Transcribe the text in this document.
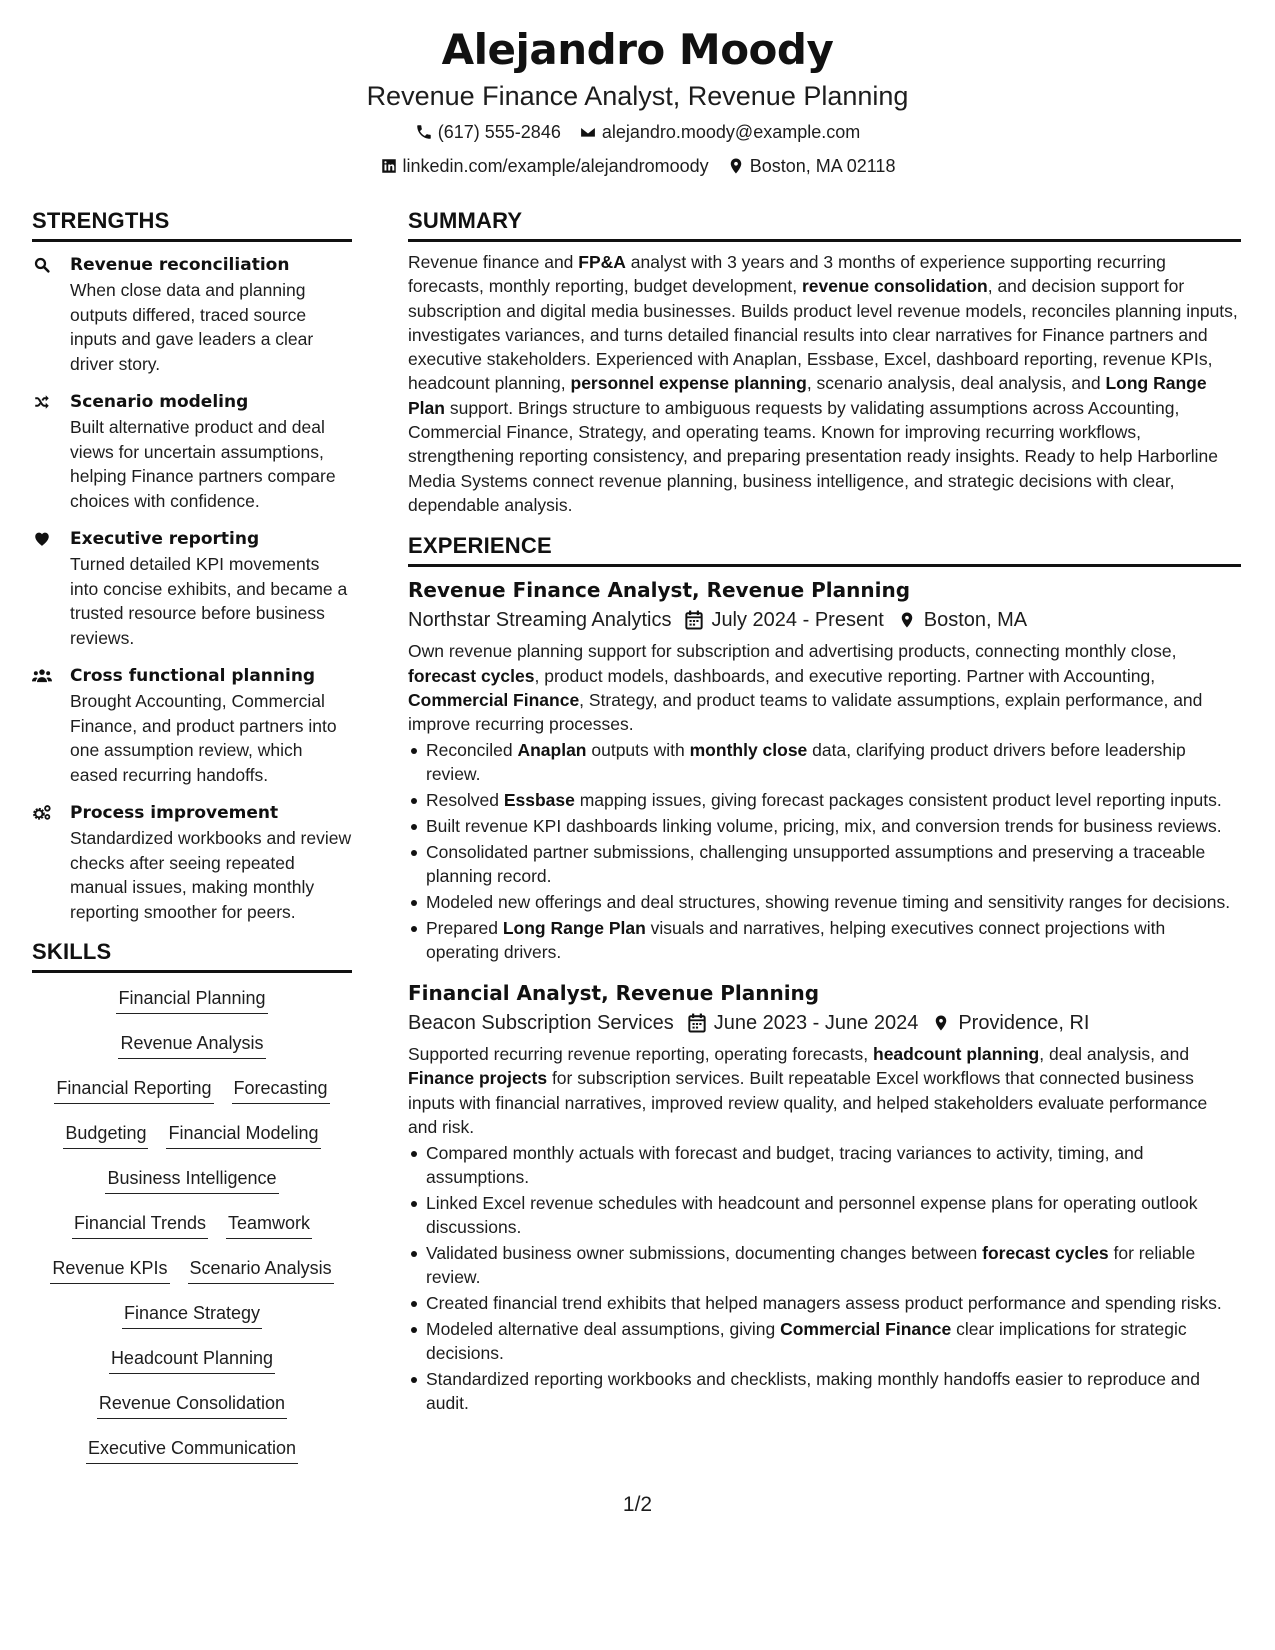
Alejandro Moody
Revenue Finance Analyst, Revenue Planning
(617) 555-2846 alejandro.moody@example.com
linkedin.com/example/alejandromoody Boston, MA 02118
STRENGTHS
Revenue reconciliation
When close data and planning outputs differed, traced source inputs and gave leaders a clear driver story.
Scenario modeling
Built alternative product and deal views for uncertain assumptions, helping Finance partners compare choices with confidence.
Executive reporting
Turned detailed KPI movements into concise exhibits, and became a trusted resource before business reviews.
Cross functional planning
Brought Accounting, Commercial Finance, and product partners into one assumption review, which eased recurring handoffs.
Process improvement
Standardized workbooks and review checks after seeing repeated manual issues, making monthly reporting smoother for peers.
SKILLS
Financial Planning
Revenue Analysis
Financial Reporting Forecasting
Budgeting Financial Modeling
Business Intelligence
Financial Trends Teamwork
Revenue KPIs Scenario Analysis
Finance Strategy
Headcount Planning
Revenue Consolidation
Executive Communication
SUMMARY
Revenue finance and FP&A analyst with 3 years and 3 months of experience supporting recurring forecasts, monthly reporting, budget development, revenue consolidation, and decision support for subscription and digital media businesses. Builds product level revenue models, reconciles planning inputs, investigates variances, and turns detailed financial results into clear narratives for Finance partners and executive stakeholders. Experienced with Anaplan, Essbase, Excel, dashboard reporting, revenue KPIs, headcount planning, personnel expense planning, scenario analysis, deal analysis, and Long Range Plan support. Brings structure to ambiguous requests by validating assumptions across Accounting, Commercial Finance, Strategy, and operating teams. Known for improving recurring workflows, strengthening reporting consistency, and preparing presentation ready insights. Ready to help Harborline Media Systems connect revenue planning, business intelligence, and strategic decisions with clear, dependable analysis.
EXPERIENCE
Revenue Finance Analyst, Revenue Planning
Northstar Streaming Analytics July 2024 - Present Boston, MA
Own revenue planning support for subscription and advertising products, connecting monthly close, forecast cycles, product models, dashboards, and executive reporting. Partner with Accounting, Commercial Finance, Strategy, and product teams to validate assumptions, explain performance, and improve recurring processes.
Reconciled Anaplan outputs with monthly close data, clarifying product drivers before leadership review.
Resolved Essbase mapping issues, giving forecast packages consistent product level reporting inputs.
Built revenue KPI dashboards linking volume, pricing, mix, and conversion trends for business reviews.
Consolidated partner submissions, challenging unsupported assumptions and preserving a traceable planning record.
Modeled new offerings and deal structures, showing revenue timing and sensitivity ranges for decisions.
Prepared Long Range Plan visuals and narratives, helping executives connect projections with operating drivers.
Financial Analyst, Revenue Planning
Beacon Subscription Services June 2023 - June 2024 Providence, RI
Supported recurring revenue reporting, operating forecasts, headcount planning, deal analysis, and Finance projects for subscription services. Built repeatable Excel workflows that connected business inputs with financial narratives, improved review quality, and helped stakeholders evaluate performance and risk.
Compared monthly actuals with forecast and budget, tracing variances to activity, timing, and assumptions.
Linked Excel revenue schedules with headcount and personnel expense plans for operating outlook discussions.
Validated business owner submissions, documenting changes between forecast cycles for reliable review.
Created financial trend exhibits that helped managers assess product performance and spending risks.
Modeled alternative deal assumptions, giving Commercial Finance clear implications for strategic decisions.
Standardized reporting workbooks and checklists, making monthly handoffs easier to reproduce and audit.
1/2
